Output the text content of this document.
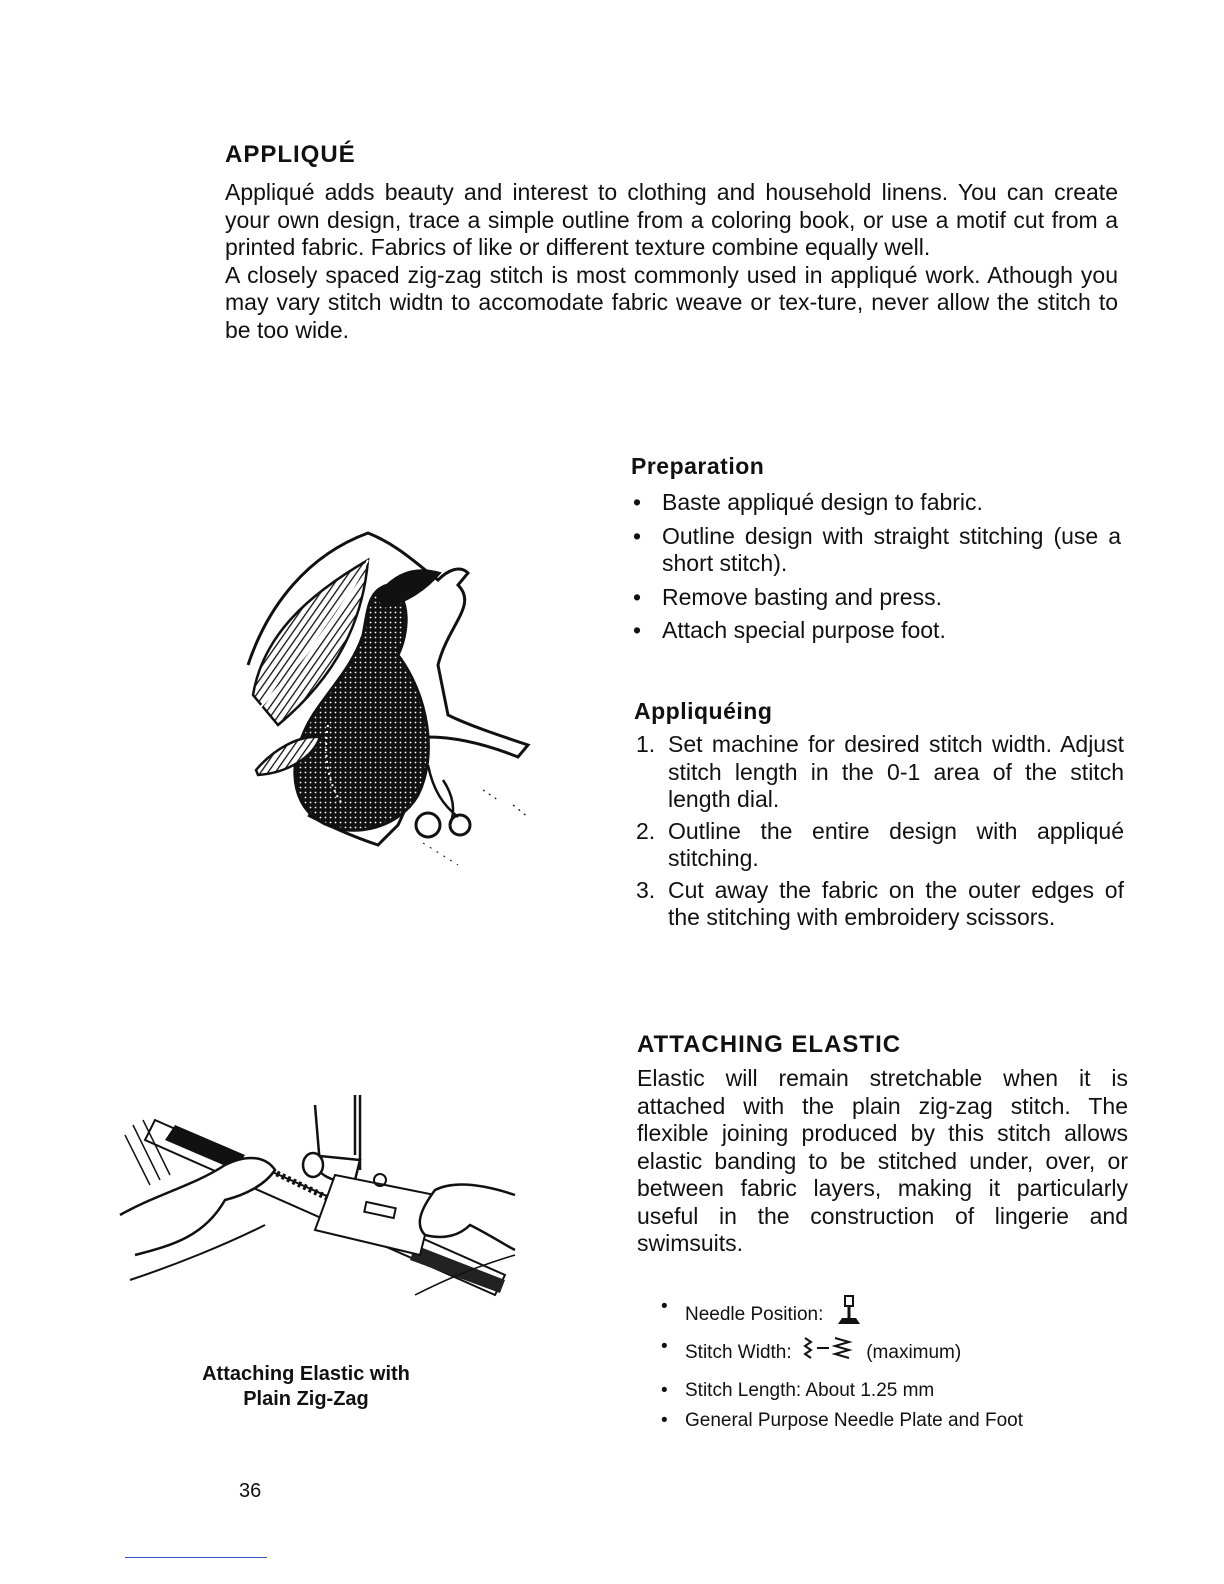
APPLIQUÉ

Appliqué adds beauty and interest to clothing and household linens. You can create your own design, trace a simple outline from a coloring book, or use a motif cut from a printed fabric. Fabrics of like or different texture combine equally well.

A closely spaced zig-zag stitch is most commonly used in appliqué work. Athough you may vary stitch widtn to accomodate fabric weave or tex-ture, never allow the stitch to be too wide.

Preparation
• Baste appliqué design to fabric.
• Outline design with straight stitching (use a short stitch).
• Remove basting and press.
• Attach special purpose foot.
Appliquéing
1. Set machine for desired stitch width. Adjust stitch length in the 0-1 area of the stitch length dial.
2. Outline the entire design with appliqué stitching.
3. Cut away the fabric on the outer edges of the stitching with embroidery scissors.
ATTACHING ELASTIC

Elastic will remain stretchable when it is attached with the plain zig-zag stitch. The flexible joining produced by this stitch allows elastic banding to be stitched under, over, or between fabric layers, making it particularly useful in the construction of lingerie and swimsuits.

Attaching Elastic with
Plain Zig-Zag
• Needle Position:
• Stitch Width:	(maximum)
• Stitch Length: About 1.25 mm
• General Purpose Needle Plate and Foot
36
